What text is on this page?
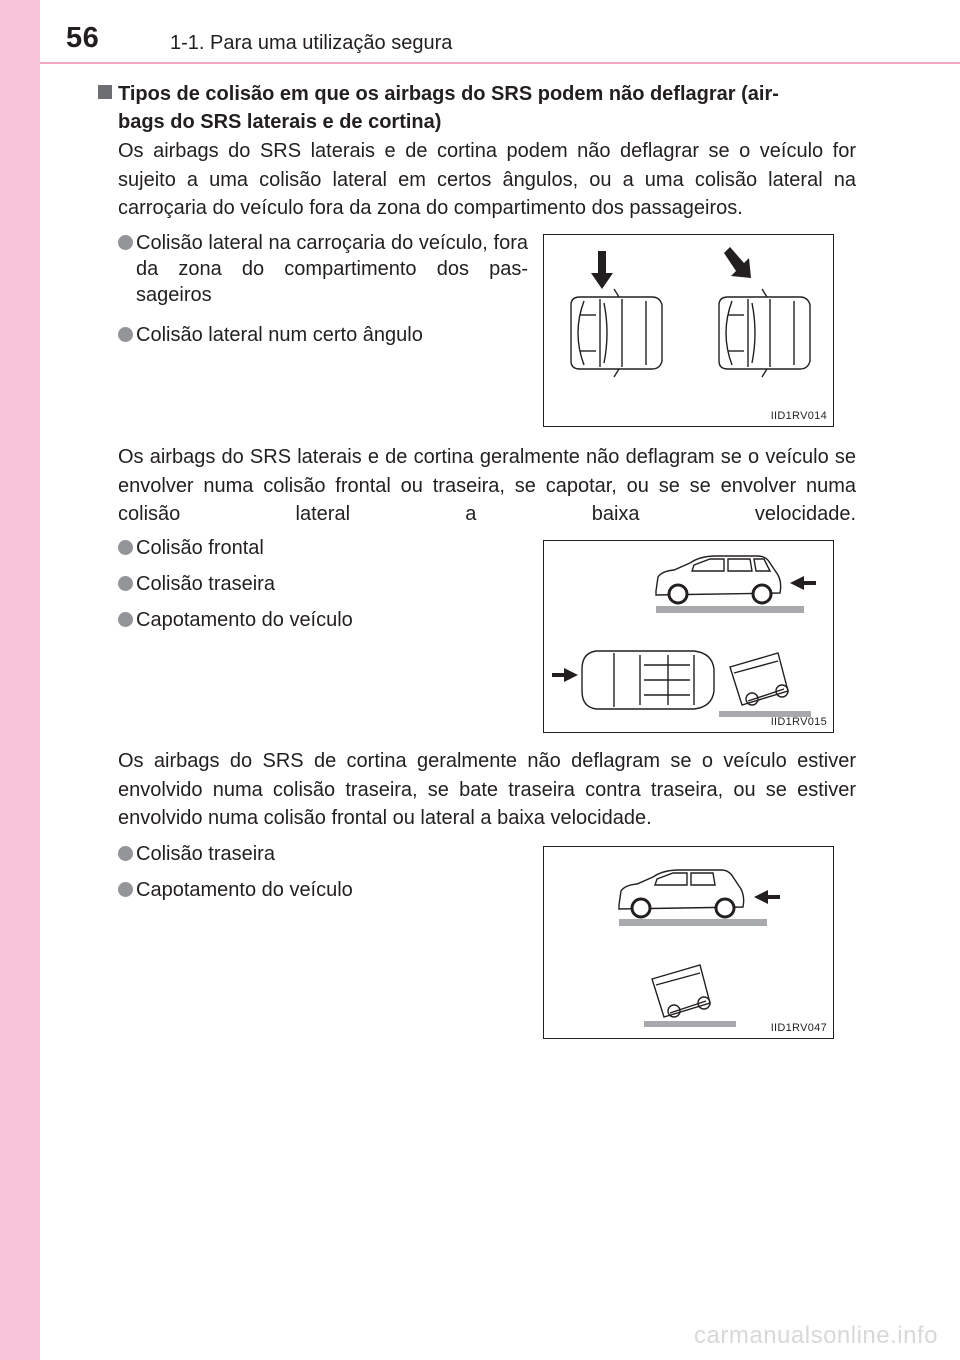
56	1-1. Para uma utilização segura
Tipos de colisão em que os airbags do SRS podem não deflagrar (air-
bags do SRS laterais e de cortina)

Os airbags do SRS laterais e de cortina podem não deflagrar se o veículo for sujeito a uma colisão lateral em certos ângulos, ou a uma colisão lateral na carroçaria do veículo fora da zona do compartimento dos passageiros.

Colisão lateral na carroçaria do veículo, fora da zona do compartimento dos pas- sageiros
Colisão lateral num certo ângulo
IID1RV014

Os airbags do SRS laterais e de cortina geralmente não deflagram se o veículo se envolver numa colisão frontal ou traseira, se capotar, ou se se envolver numa colisão lateral a baixa velocidade.

Colisão frontal
Colisão traseira
Capotamento do veículo
IID1RV015

Os airbags do SRS de cortina geralmente não deflagram se o veículo estiver envolvido numa colisão traseira, se bate traseira contra traseira, ou se estiver envolvido numa colisão frontal ou lateral a baixa velocidade.

Colisão traseira
Capotamento do veículo
IID1RV047
carmanualsonline.info
